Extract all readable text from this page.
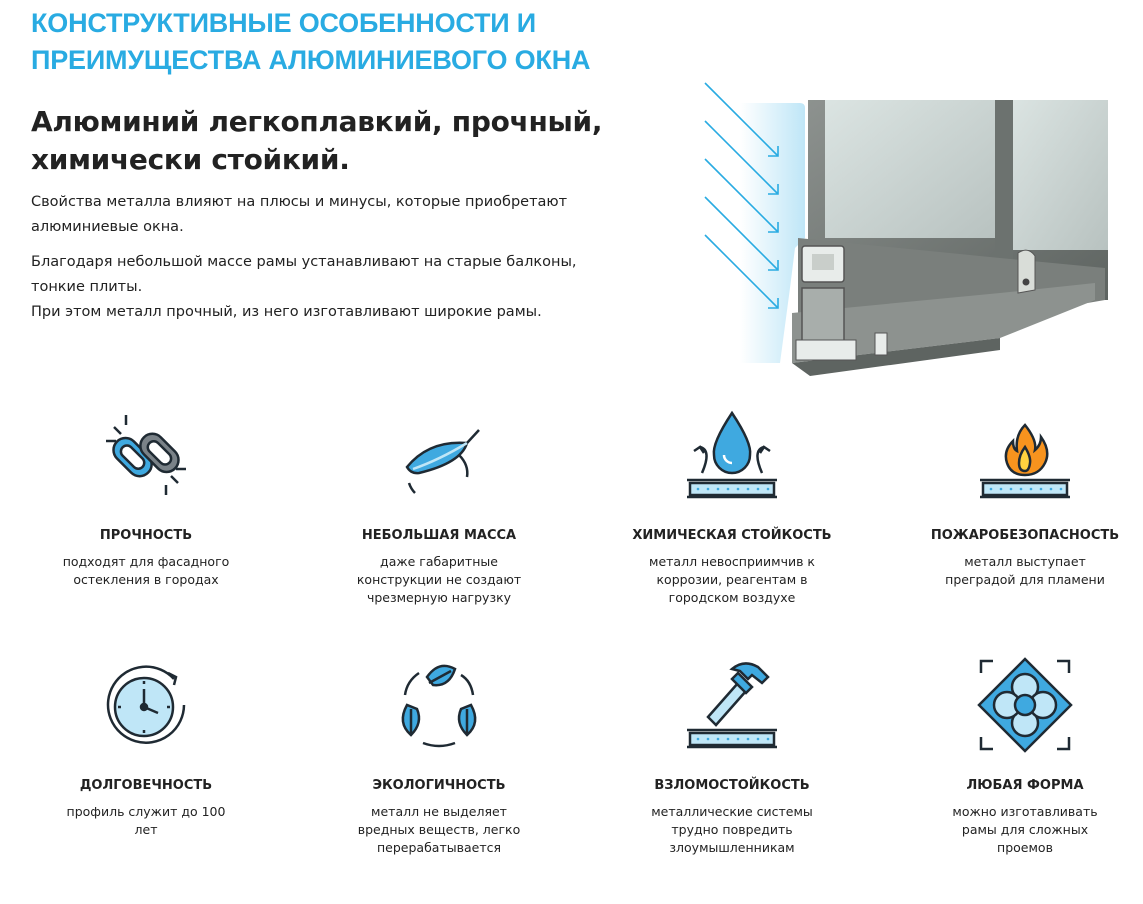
КОНСТРУКТИВНЫЕ ОСОБЕННОСТИ И ПРЕИМУЩЕСТВА АЛЮМИНИЕВОГО ОКНА
Алюминий легкоплавкий, прочный, химически стойкий.

Свойства металла влияют на плюсы и минусы, которые приобретают алюминиевые окна.

Благодаря небольшой массе рамы устанавливают на старые балконы, тонкие плиты.
При этом металл прочный, из него изготавливают широкие рамы.

ПРОЧНОСТЬ
подходят для фасадного остекления в городах
НЕБОЛЬШАЯ МАССА
даже габаритные конструкции не создают чрезмерную нагрузку
ХИМИЧЕСКАЯ СТОЙКОСТЬ
металл невосприимчив к коррозии, реагентам в городском воздухе
ПОЖАРОБЕЗОПАСНОСТЬ
металл выступает преградой для пламени
ДОЛГОВЕЧНОСТЬ
профиль служит до 100 лет
ЭКОЛОГИЧНОСТЬ
металл не выделяет вредных веществ, легко перерабатывается
ВЗЛОМОСТОЙКОСТЬ
металлические системы трудно повредить злоумышленникам
ЛЮБАЯ ФОРМА
можно изготавливать рамы для сложных проемов
